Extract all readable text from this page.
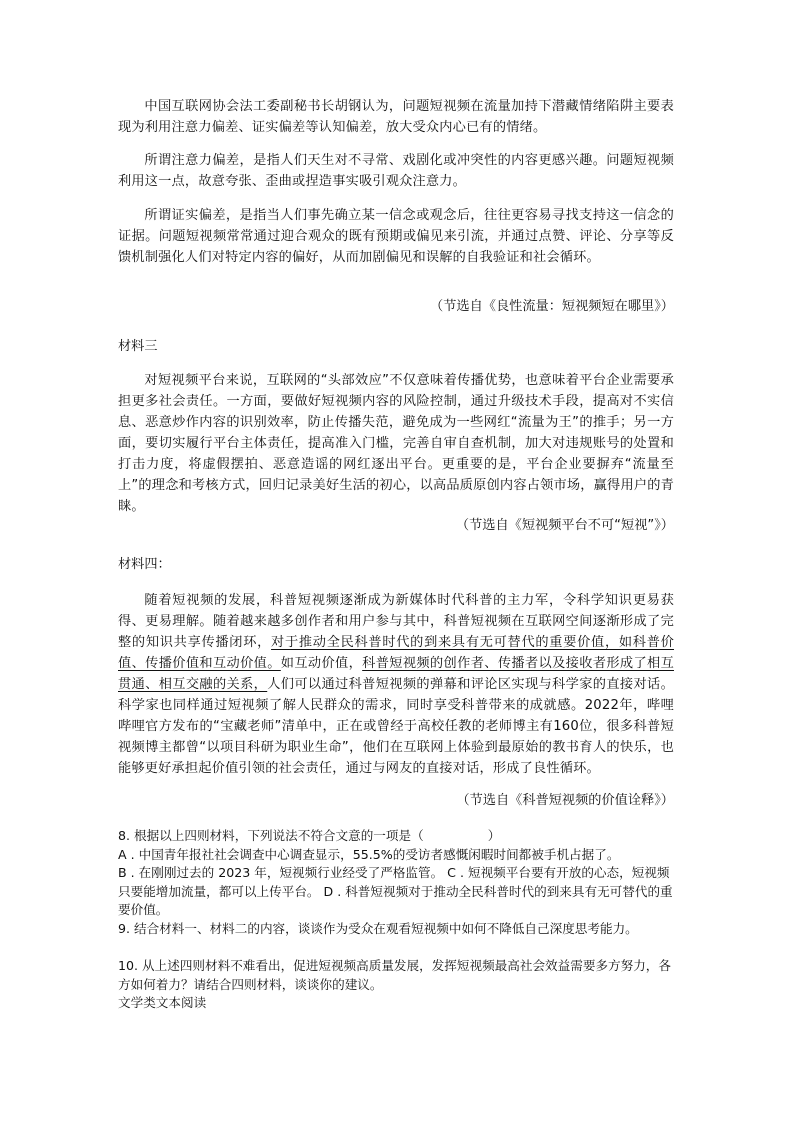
中国互联网协会法工委副秘书长胡钢认为，问题短视频在流量加持下潜藏情绪陷阱主要表现为利用注意力偏差、证实偏差等认知偏差，放大受众内心已有的情绪。

所谓注意力偏差，是指人们天生对不寻常、戏剧化或冲突性的内容更感兴趣。问题短视频利用这一点，故意夸张、歪曲或捏造事实吸引观众注意力。

所谓证实偏差，是指当人们事先确立某一信念或观念后，往往更容易寻找支持这一信念的证据。问题短视频常常通过迎合观众的既有预期或偏见来引流，并通过点赞、评论、分享等反馈机制强化人们对特定内容的偏好，从而加剧偏见和误解的自我验证和社会循环。

（节选自《良性流量：短视频短在哪里》）

材料三

对短视频平台来说，互联网的“头部效应”不仅意味着传播优势，也意味着平台企业需要承担更多社会责任。一方面，要做好短视频内容的风险控制，通过升级技术手段，提高对不实信息、恶意炒作内容的识别效率，防止传播失范，避免成为一些网红“流量为王”的推手；另一方面，要切实履行平台主体责任，提高准入门槛，完善自审自查机制，加大对违规账号的处置和打击力度，将虚假摆拍、恶意造谣的网红逐出平台。更重要的是，平台企业要摒弃“流量至上”的理念和考核方式，回归记录美好生活的初心，以高品质原创内容占领市场，赢得用户的青睐。

（节选自《短视频平台不可“短视”》）

材料四：

随着短视频的发展，科普短视频逐渐成为新媒体时代科普的主力军，令科学知识更易获得、更易理解。随着越来越多创作者和用户参与其中，科普短视频在互联网空间逐渐形成了完整的知识共享传播闭环，对于推动全民科普时代的到来具有无可替代的重要价值，如科普价值、传播价值和互动价值。如互动价值，科普短视频的创作者、传播者以及接收者形成了相互贯通、相互交融的关系，人们可以通过科普短视频的弹幕和评论区实现与科学家的直接对话。科学家也同样通过短视频了解人民群众的需求，同时享受科普带来的成就感。2022年，哔哩哔哩官方发布的“宝藏老师”清单中，正在或曾经于高校任教的老师博主有160位，很多科普短视频博主都曾“以项目科研为职业生命”，他们在互联网上体验到最原始的教书育人的快乐，也能够更好承担起价值引领的社会责任，通过与网友的直接对话，形成了良性循环。

（节选自《科普短视频的价值诠释》）

8. 根据以上四则材料，下列说法不符合文意的一项是（	）

A . 中国青年报社社会调查中心调查显示，55.5%的受访者感慨闲暇时间都被手机占据了。

B . 在刚刚过去的 2023 年，短视频行业经受了严格监管。 C . 短视频平台要有开放的心态，短视频只要能增加流量，都可以上传平台。 D . 科普短视频对于推动全民科普时代的到来具有无可替代的重要价值。

9. 结合材料一、材料二的内容，谈谈作为受众在观看短视频中如何不降低自己深度思考能力。

10. 从上述四则材料不难看出，促进短视频高质量发展，发挥短视频最高社会效益需要多方努力，各方如何着力？请结合四则材料，谈谈你的建议。

文学类文本阅读
